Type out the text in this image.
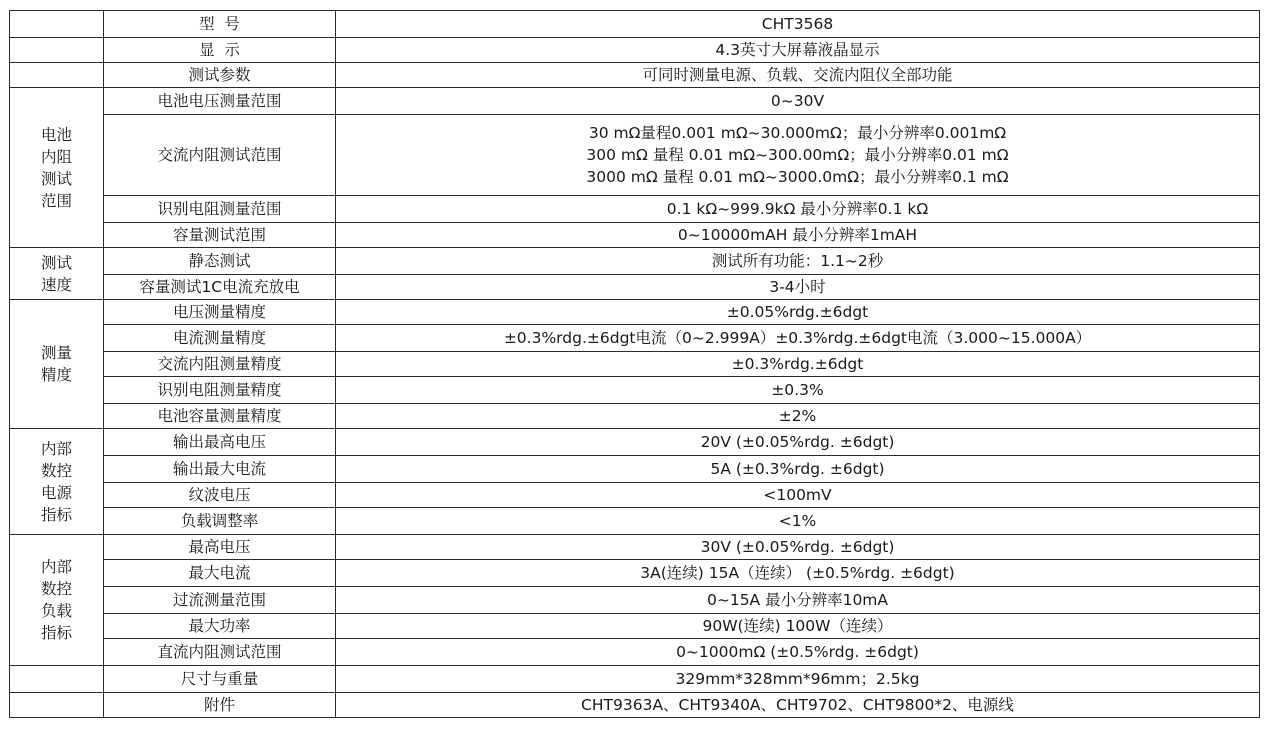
	型  号	CHT3568
	显  示	4.3英寸大屏幕液晶显示
	测试参数	可同时测量电源、负载、交流内阻仪全部功能

电池
内阻
测试
范围	电池电压测量范围	0~30V
	交流内阻测试范围	30 mΩ量程0.001 mΩ~30.000mΩ；最小分辨率0.001mΩ
300 mΩ 量程 0.01 mΩ~300.00mΩ；最小分辨率0.01 mΩ
3000 mΩ 量程 0.01 mΩ~3000.0mΩ；最小分辨率0.1 mΩ

	识别电阻测量范围	0.1 kΩ~999.9kΩ 最小分辨率0.1 kΩ
	容量测试范围	0~10000mAH 最小分辨率1mAH

测试
速度	静态测试	测试所有功能：1.1~2秒
	容量测试1C电流充放电	3-4小时

测量
精度	电压测量精度	±0.05%rdg.±6dgt
	电流测量精度	±0.3%rdg.±6dgt电流（0~2.999A）±0.3%rdg.±6dgt电流（3.000~15.000A）
	交流内阻测量精度	±0.3%rdg.±6dgt
	识别电阻测量精度	±0.3%
	电池容量测量精度	±2%

内部
数控
电源
指标	输出最高电压	20V (±0.05%rdg. ±6dgt)
	输出最大电流	5A (±0.3%rdg. ±6dgt)
	纹波电压	<100mV
	负载调整率	<1%

内部
数控
负载
指标	最高电压	30V (±0.05%rdg. ±6dgt)
	最大电流	3A(连续) 15A（连续） (±0.5%rdg. ±6dgt)
	过流测量范围	0~15A 最小分辨率10mA
	最大功率	90W(连续) 100W（连续）
	直流内阻测试范围	0~1000mΩ (±0.5%rdg. ±6dgt)
	尺寸与重量	329mm*328mm*96mm；2.5kg
	附件	CHT9363A、CHT9340A、CHT9702、CHT9800*2、电源线
